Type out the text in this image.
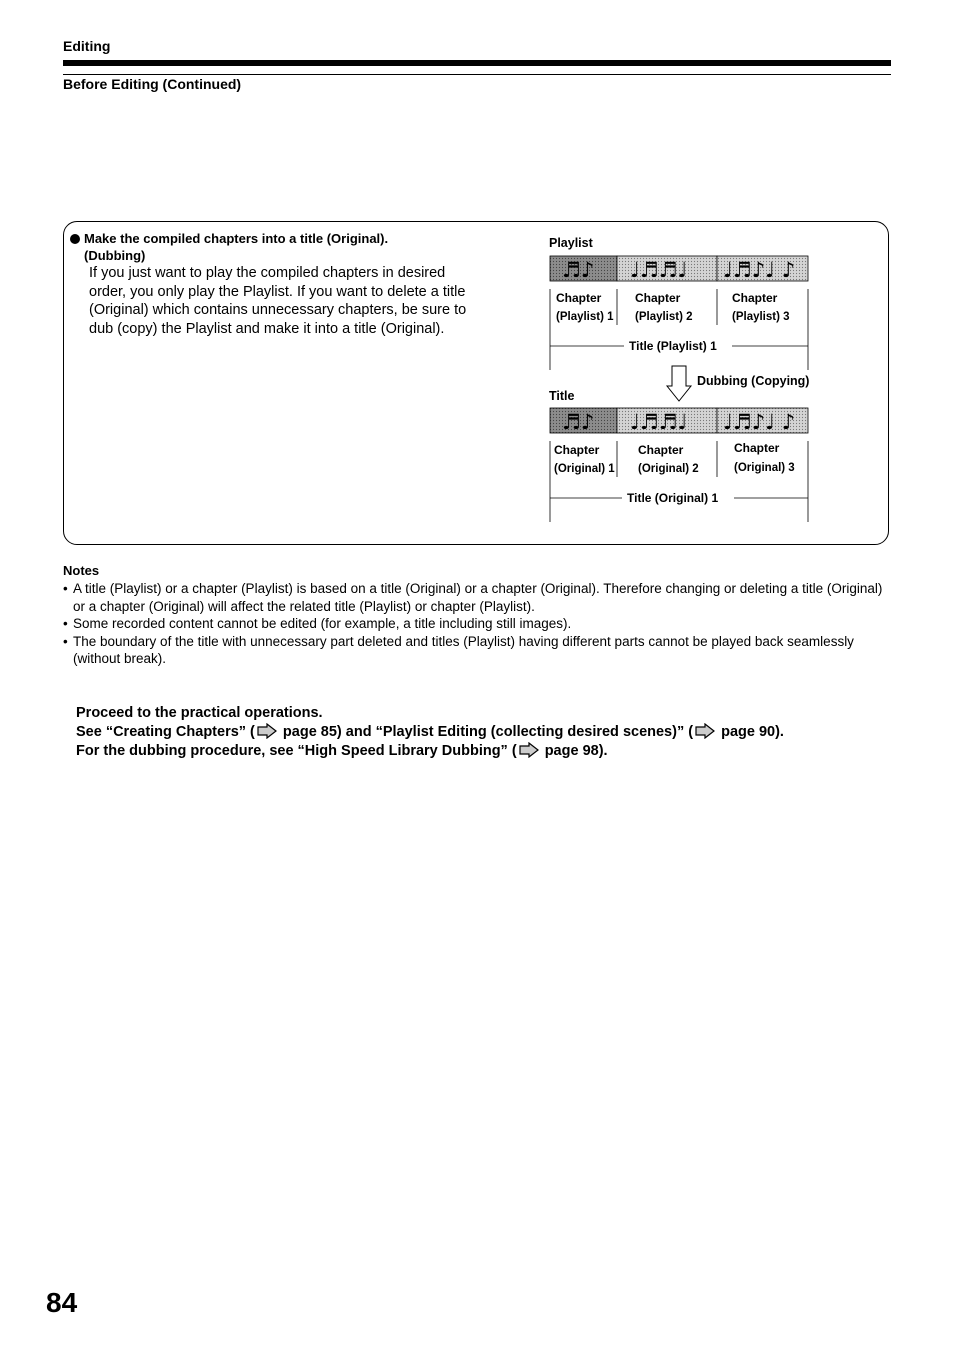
Editing
Before Editing (Continued)
Make the compiled chapters into a title (Original).
(Dubbing)
If you just want to play the compiled chapters in desired order, you only play the Playlist. If you want to delete a title (Original) which contains unnecessary chapters, be sure to dub (copy) the Playlist and make it into a title (Original).
Playlist
♬♪ ♩♬♬♩ ♩♬♪♩ ♪
Chapter
(Playlist) 1
Chapter
(Playlist) 2
Chapter
(Playlist) 3
Title (Playlist) 1
Dubbing (Copying)
Title
♬♪ ♩♬♬♩ ♩♬♪♩ ♪
Chapter
(Original) 1
Chapter
(Original) 2
Chapter
(Original) 3
Title (Original) 1
Notes
• A title (Playlist) or a chapter (Playlist) is based on a title (Original) or a chapter (Original). Therefore changing or deleting a title (Original) or a chapter (Original) will affect the related title (Playlist) or chapter (Playlist).
• Some recorded content cannot be edited (for example, a title including still images).
• The boundary of the title with unnecessary part deleted and titles (Playlist) having different parts cannot be played back seamlessly (without break).
Proceed to the practical operations.
See “Creating Chapters” ( page 85) and “Playlist Editing (collecting desired scenes)” ( page 90).
For the dubbing procedure, see “High Speed Library Dubbing” ( page 98).
84
